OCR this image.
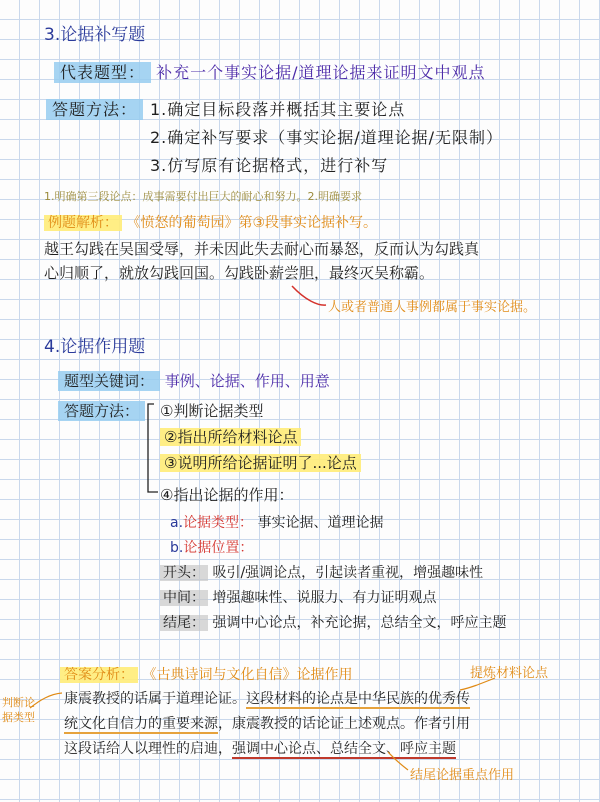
3.论据补写题
代表题型： 补充一个事实论据/道理论据来证明文中观点
答题方法： 1.确定目标段落并概括其主要论点
2.确定补写要求（事实论据/道理论据/无限制）
3.仿写原有论据格式，进行补写
1.明确第三段论点：成事需要付出巨大的耐心和努力。2.明确要求
例题解析： 《愤怒的葡萄园》第③段事实论据补写。
越王勾践在吴国受辱，并未因此失去耐心而暴怒，反而认为勾践真
心归顺了，就放勾践回国。勾践卧薪尝胆，最终灭吴称霸。
人或者普通人事例都属于事实论据。
4.论据作用题
题型关键词： 事例、论据、作用、用意
答题方法：	①判断论据类型
②指出所给材料论点
③说明所给论据证明了...论点
④指出论据的作用：
a.论据类型： 事实论据、道理论据
b.论据位置：
开头： 吸引/强调论点，引起读者重视，增强趣味性
中间： 增强趣味性、说服力、有力证明观点
结尾： 强调中心论点，补充论据，总结全文，呼应主题
答案分析： 《古典诗词与文化自信》论据作用	提炼材料论点
判断论
据类型
康震教授的话属于道理论证。这段材料的论点是中华民族的优秀传
统文化自信力的重要来源，康震教授的话论证上述观点。作者引用
这段话给人以理性的启迪，强调中心论点、总结全文、呼应主题
结尾论据重点作用
